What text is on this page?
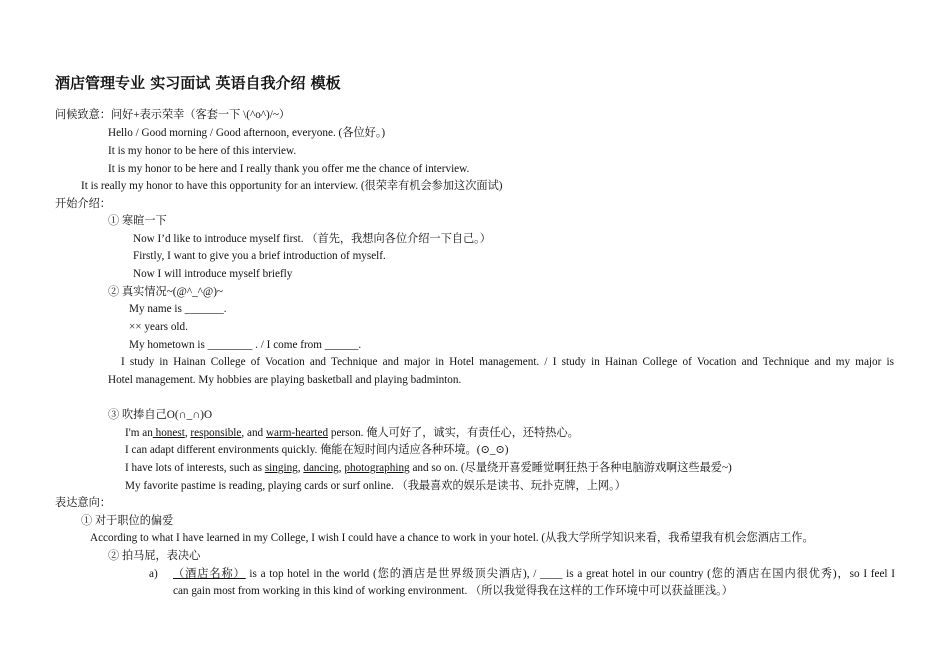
酒店管理专业 实习面试 英语自我介绍 模板
问候致意：问好+表示荣幸（客套一下 \(^o^)/~）
Hello / Good morning / Good afternoon, everyone. (各位好。)
It is my honor to be here of this interview.
It is my honor to be here and I really thank you offer me the chance of interview.
It is really my honor to have this opportunity for an interview. (很荣幸有机会参加这次面试)
开始介绍：
① 寒暄一下
Now I’d like to introduce myself first. （首先，我想向各位介绍一下自己。）
Firstly, I want to give you a brief introduction of myself.
Now I will introduce myself briefly
② 真实情况~(@^_^@)~
My name is _______.
×× years old.
My hometown is ________ . / I come from ______.
I study in Hainan College of Vocation and Technique and major in Hotel management. / I study in Hainan College of Vocation and Technique and my major is
Hotel management. My hobbies are playing basketball and playing badminton.
③ 吹捧自己O(∩_∩)O
I'm an honest, responsible, and warm-hearted person. 俺人可好了，诚实，有责任心，还特热心。
I can adapt different environments quickly. 俺能在短时间内适应各种环境。(⊙_⊙)
I have lots of interests, such as singing, dancing, photographing and so on. (尽量绕开喜爱睡觉啊狂热于各种电脑游戏啊这些最爱~)
My favorite pastime is reading, playing cards or surf online. （我最喜欢的娱乐是读书、玩扑克牌，上网。）
表达意向：
① 对于职位的偏爱
According to what I have learned in my College, I wish I could have a chance to work in your hotel. (从我大学所学知识来看，我希望我有机会您酒店工作。
② 拍马屁，表决心
a) （酒店名称） is a top hotel in the world (您的酒店是世界级顶尖酒店), / ____ is a great hotel in our country (您的酒店在国内很优秀)，so I feel I
can gain most from working in this kind of working environment. （所以我觉得我在这样的工作环境中可以获益匪浅。）
